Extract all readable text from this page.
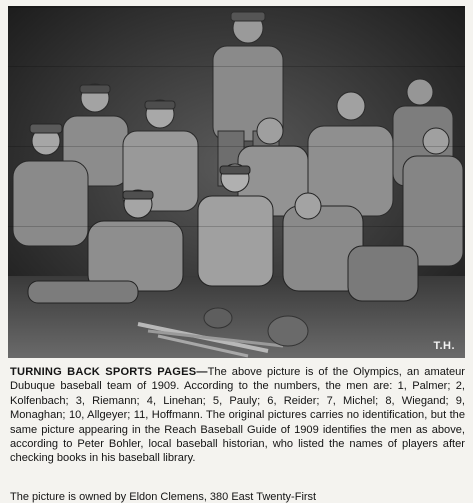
T.H.
TURNING BACK SPORTS PAGES—The above picture is of the Olympics, an amateur Dubuque baseball team of 1909. According to the numbers, the men are: 1, Palmer; 2, Kolfenbach; 3, Riemann; 4, Linehan; 5, Pauly; 6, Reider; 7, Michel; 8, Wiegand; 9, Monaghan; 10, Allgeyer; 11, Hoffmann. The original pictures carries no identification, but the same picture appearing in the Reach Baseball Guide of 1909 identifies the men as above, according to Peter Bohler, local baseball historian, who listed the names of players after checking books in his baseball library.
The picture is owned by Eldon Clemens, 380 East Twenty-First
